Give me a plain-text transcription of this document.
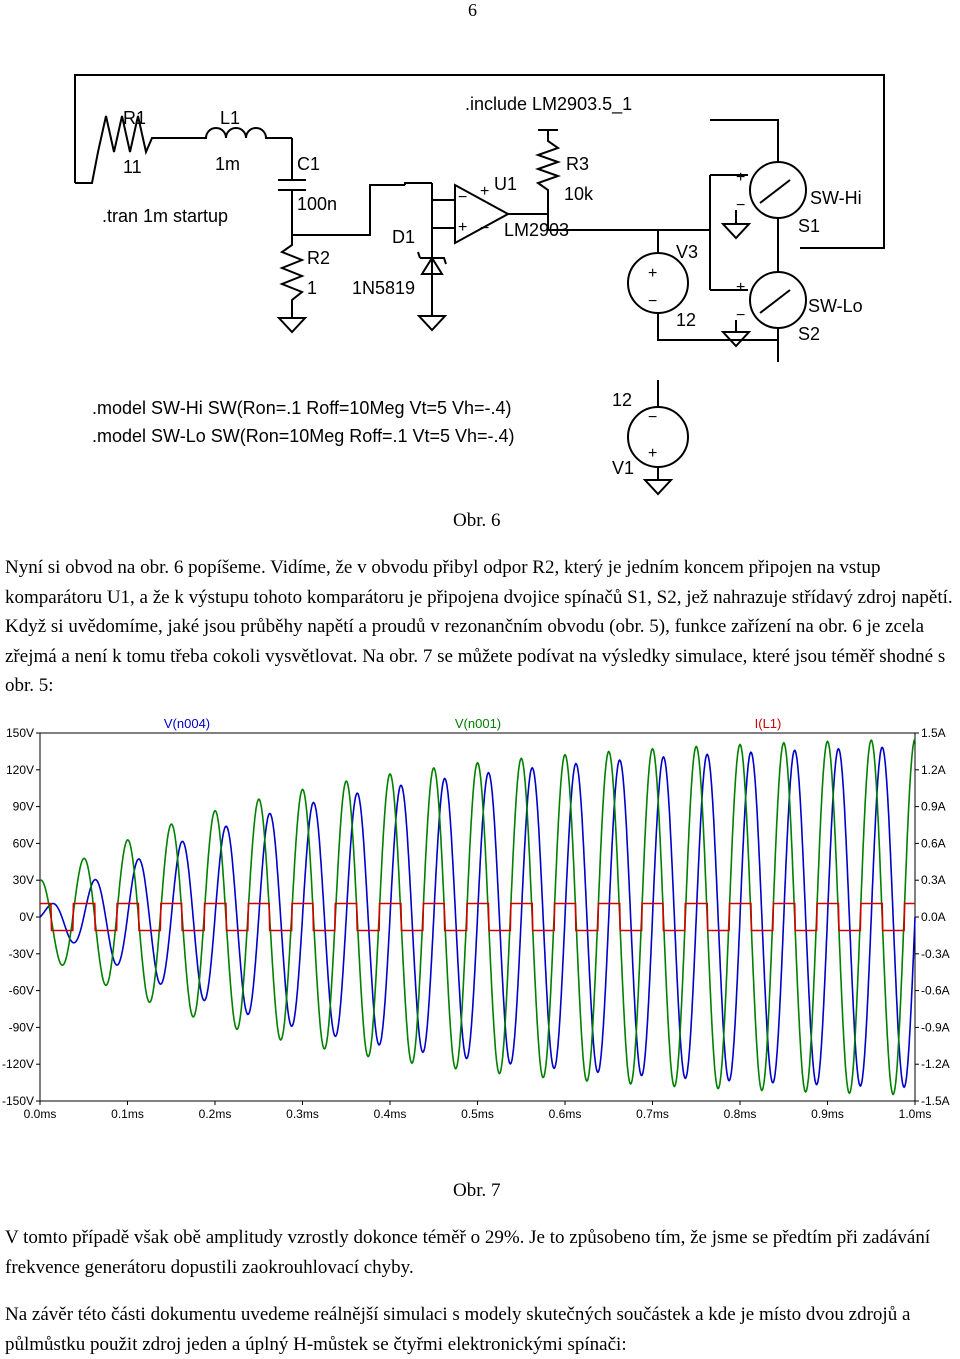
6
R1
11
L1
1m	C1
100n
R2
1
D1
1N5819
U1
LM2903
R3
10k
V3
12
SW-Hi
S1
SW-Lo
S2
12
V1
+
−
+ −
+
−
+
−
+
−
−
+
.include LM2903.5_1
.tran 1m startup
.model SW-Hi SW(Ron=.1 Roff=10Meg Vt=5 Vh=-.4)
.model SW-Lo SW(Ron=10Meg Roff=.1 Vt=5 Vh=-.4)
Obr. 6

Nyní si obvod na obr. 6 popíšeme. Vidíme, že v obvodu přibyl odpor R2, který je jedním koncem připojen na vstup komparátoru U1, a že k výstupu tohoto komparátoru je připojena dvojice spínačů S1, S2, jež nahrazuje střídavý zdroj napětí. Když si uvědomíme, jaké jsou průběhy napětí a proudů v rezonančním obvodu (obr. 5), funkce zařízení na obr. 6 je zcela zřejmá a není k tomu třeba cokoli vysvětlovat. Na obr. 7 se můžete podívat na výsledky simulace, které jsou téměř shodné s obr. 5:

150V	1.5A
120V	1.2A
90V	0.9A
60V	0.6A
30V	0.3A
0V	0.0A
-30V	-0.3A
-60V	-0.6A
-90V	-0.9A
-120V	-1.2A
-150V	-1.5A
0.0ms	0.1ms	0.2ms	0.3ms	0.4ms	0.5ms	0.6ms	0.7ms	0.8ms	0.9ms	1.0ms
V(n004)	V(n001)	I(L1)
Obr. 7

V tomto případě však obě amplitudy vzrostly dokonce téměř o 29%. Je to způsobeno tím, že jsme se předtím při zadávání frekvence generátoru dopustili zaokrouhlovací chyby.

Na závěr této části dokumentu uvedeme reálnější simulaci s modely skutečných součástek a kde je místo dvou zdrojů a půlmůstku použit zdroj jeden a úplný H-můstek se čtyřmi elektronickými spínači:
